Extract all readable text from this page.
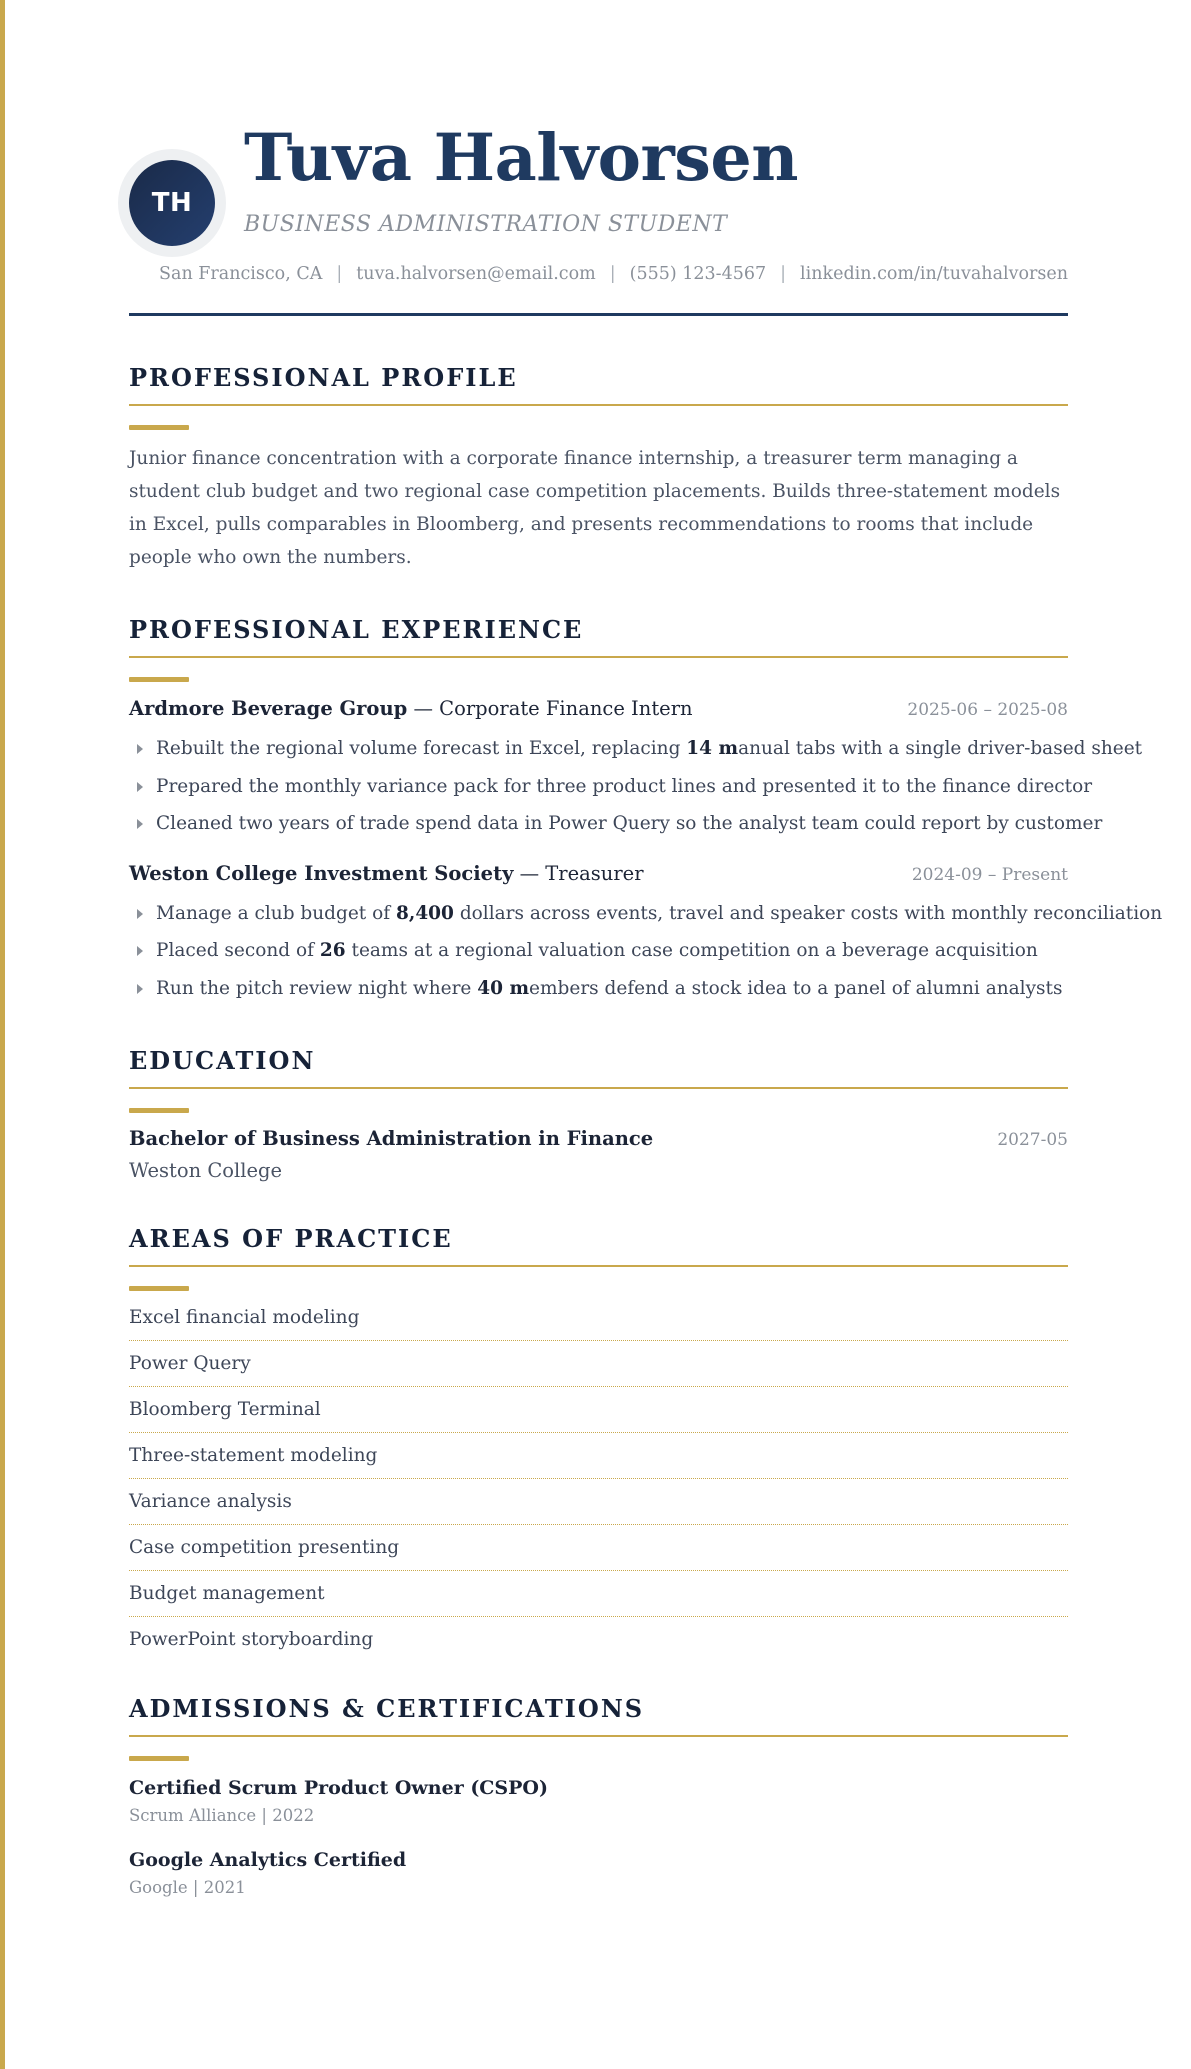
TH
Tuva Halvorsen
BUSINESS ADMINISTRATION STUDENT
San Francisco, CA | tuva.halvorsen@email.com | (555) 123-4567 | linkedin.com/in/tuvahalvorsen
PROFESSIONAL PROFILE

Junior finance concentration with a corporate finance internship, a treasurer term managing a student club budget and two regional case competition placements. Builds three-statement models in Excel, pulls comparables in Bloomberg, and presents recommendations to rooms that include people who own the numbers.

PROFESSIONAL EXPERIENCE
Ardmore Beverage Group — Corporate Finance Intern	2025-06 – 2025-08
Rebuilt the regional volume forecast in Excel, replacing 14 manual tabs with a single driver-based sheet
Prepared the monthly variance pack for three product lines and presented it to the finance director
Cleaned two years of trade spend data in Power Query so the analyst team could report by customer
Weston College Investment Society — Treasurer	2024-09 – Present
Manage a club budget of 8,400 dollars across events, travel and speaker costs with monthly reconciliation
Placed second of 26 teams at a regional valuation case competition on a beverage acquisition
Run the pitch review night where 40 members defend a stock idea to a panel of alumni analysts
EDUCATION
Bachelor of Business Administration in Finance	2027-05
Weston College
AREAS OF PRACTICE
Excel financial modeling
Power Query
Bloomberg Terminal
Three-statement modeling
Variance analysis
Case competition presenting
Budget management
PowerPoint storyboarding
ADMISSIONS & CERTIFICATIONS
Certified Scrum Product Owner (CSPO)
Scrum Alliance | 2022
Google Analytics Certified
Google | 2021
